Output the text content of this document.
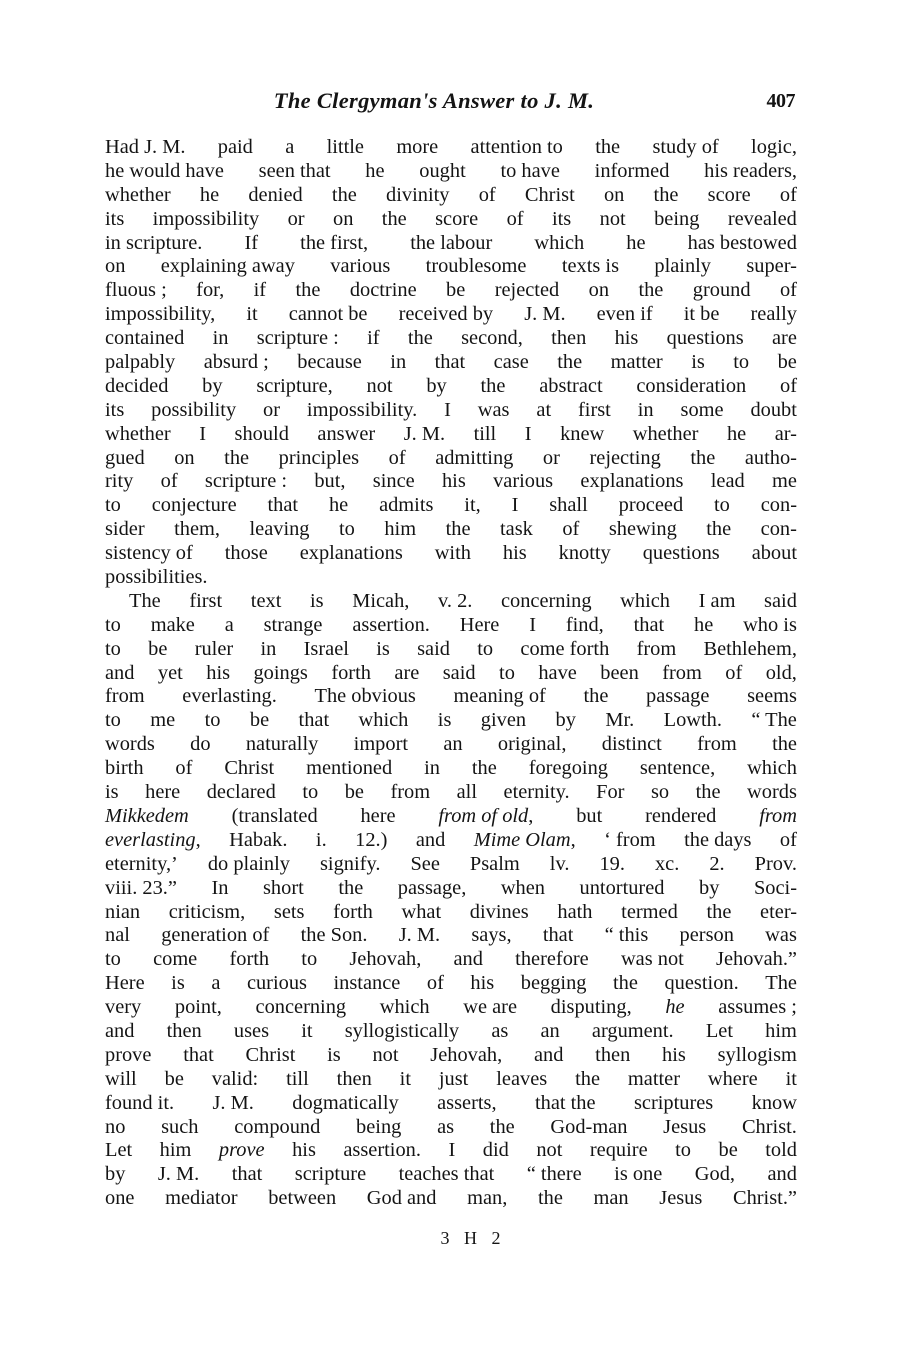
The Clergyman's Answer to J. M.	407
Had J. M. paid a little more attention to the study of logic,
he would have seen that he ought to have informed his readers,
whether he denied the divinity of Christ on the score of
its impossibility or on the score of its not being revealed
in scripture. If the first, the labour which he has bestowed
on explaining away various troublesome texts is plainly super-
fluous ; for, if the doctrine be rejected on the ground of
impossibility, it cannot be received by J. M. even if it be really
contained in scripture : if the second, then his questions are
palpably absurd ; because in that case the matter is to be
decided by scripture, not by the abstract consideration of
its possibility or impossibility. I was at first in some doubt
whether I should answer J. M. till I knew whether he ar-
gued on the principles of admitting or rejecting the autho-
rity of scripture : but, since his various explanations lead me
to conjecture that he admits it, I shall proceed to con-
sider them, leaving to him the task of shewing the con-
sistency of those explanations with his knotty questions about
possibilities.
The first text is Micah, v. 2. concerning which I am said
to make a strange assertion. Here I find, that he who is
to be ruler in Israel is said to come forth from Bethlehem,
and yet his goings forth are said to have been from of old,
from everlasting. The obvious meaning of the passage seems
to me to be that which is given by Mr. Lowth. “ The
words do naturally import an original, distinct from the
birth of Christ mentioned in the foregoing sentence, which
is here declared to be from all eternity. For so the words
Mikkedem (translated here from of old, but rendered from
everlasting, Habak. i. 12.) and Mime Olam, ‘ from the days of
eternity,’ do plainly signify. See Psalm lv. 19. xc. 2. Prov.
viii. 23.” In short the passage, when untortured by Soci-
nian criticism, sets forth what divines hath termed the eter-
nal generation of the Son. J. M. says, that “ this person was
to come forth to Jehovah, and therefore was not Jehovah.”
Here is a curious instance of his begging the question. The
very point, concerning which we are disputing, he assumes ;
and then uses it syllogistically as an argument. Let him
prove that Christ is not Jehovah, and then his syllogism
will be valid: till then it just leaves the matter where it
found it. J. M. dogmatically asserts, that the scriptures know
no such compound being as the God-man Jesus Christ.
Let him prove his assertion. I did not require to be told
by J. M. that scripture teaches that “ there is one God, and
one mediator between God and man, the man Jesus Christ.”
3 H 2
